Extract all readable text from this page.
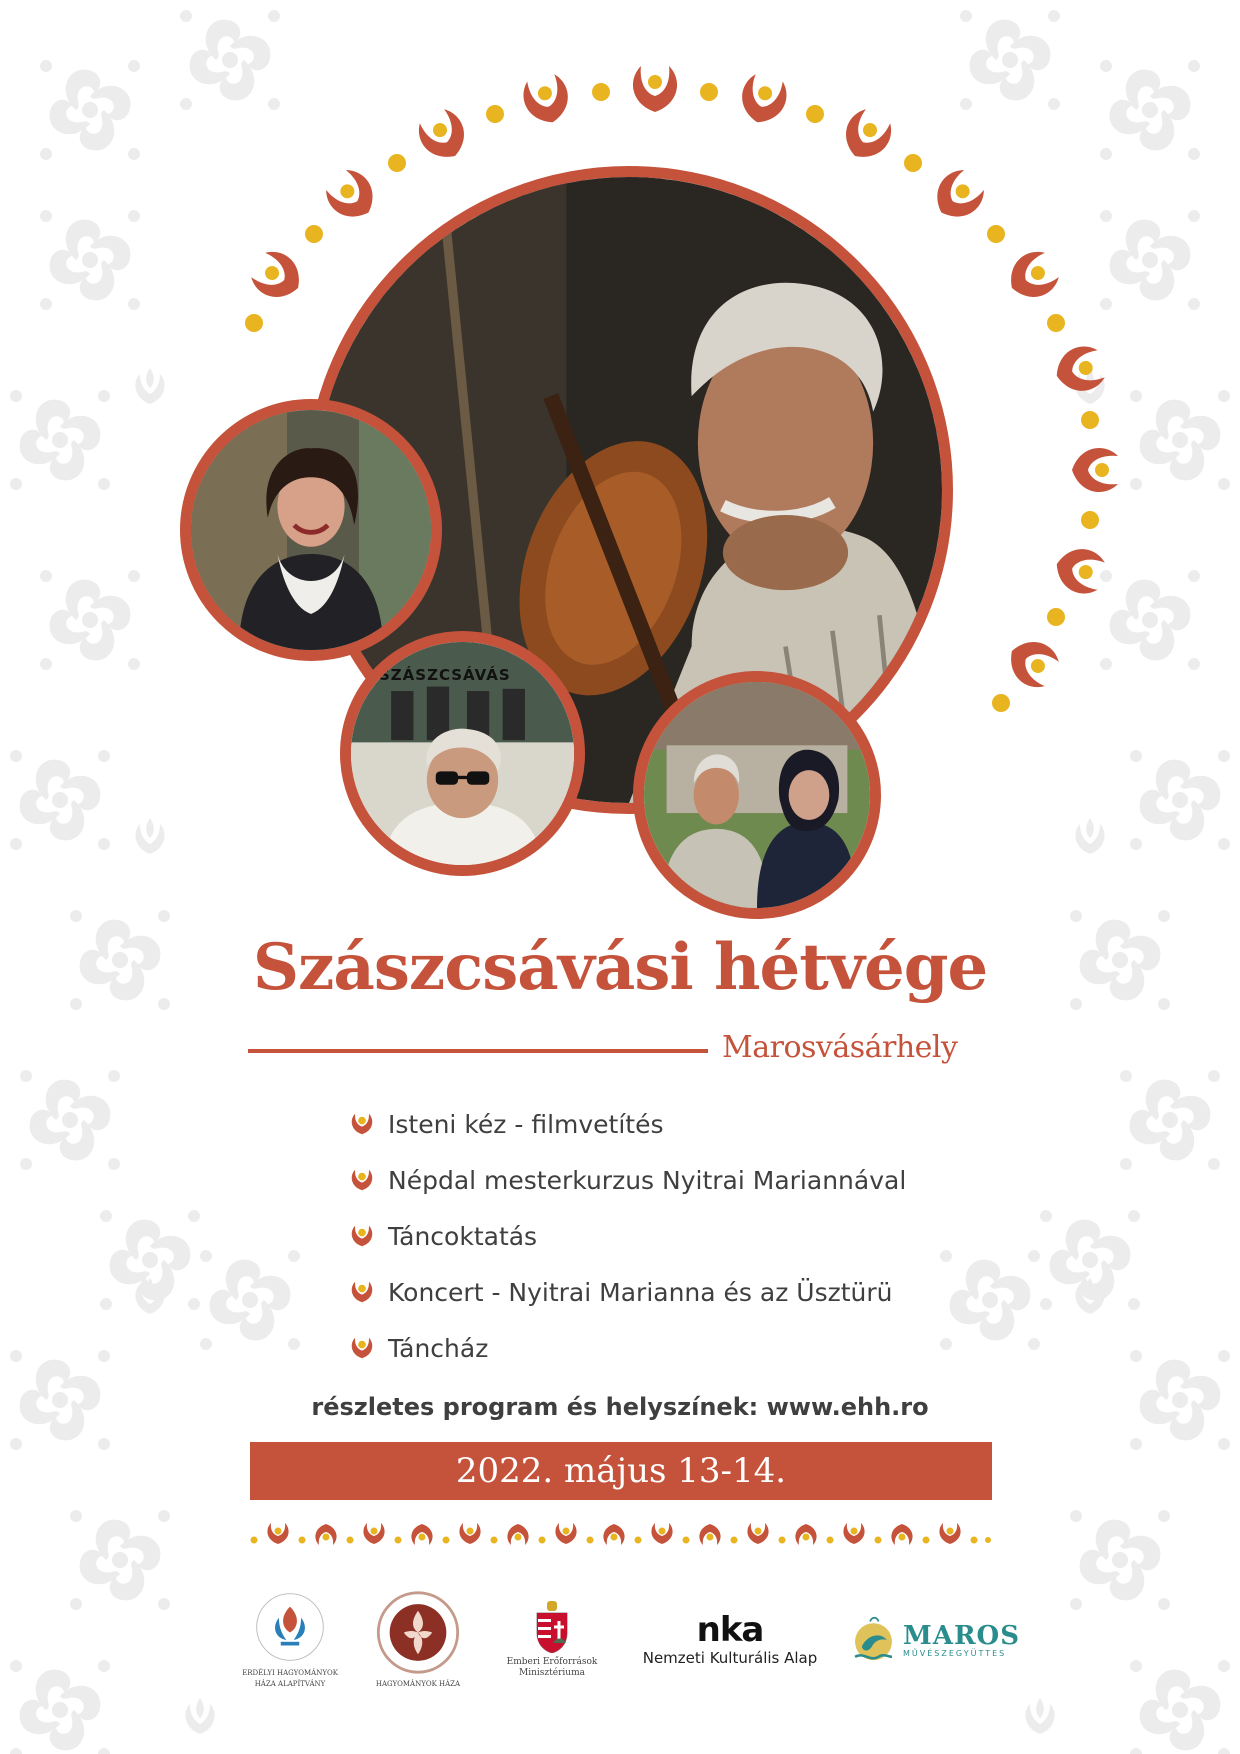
SZÁSZCSÁVÁS
Szászcsávási hétvége
Marosvásárhely
Isteni kéz - filmvetítés
Népdal mesterkurzus Nyitrai Mariannával
Táncoktatás
Koncert - Nyitrai Marianna és az Üsztürü
Táncház
részletes program és helyszínek: www.ehh.ro
2022. május 13-14.
ERDÉLYI HAGYOMÁNYOK HÁZA ALAPÍTVÁNY	HAGYOMÁNYOK HÁZA
Emberi Erőforrások
Minisztériuma
nka
Nemzeti Kulturális Alap
MAROS
MŰVÉSZEGYÜTTES
